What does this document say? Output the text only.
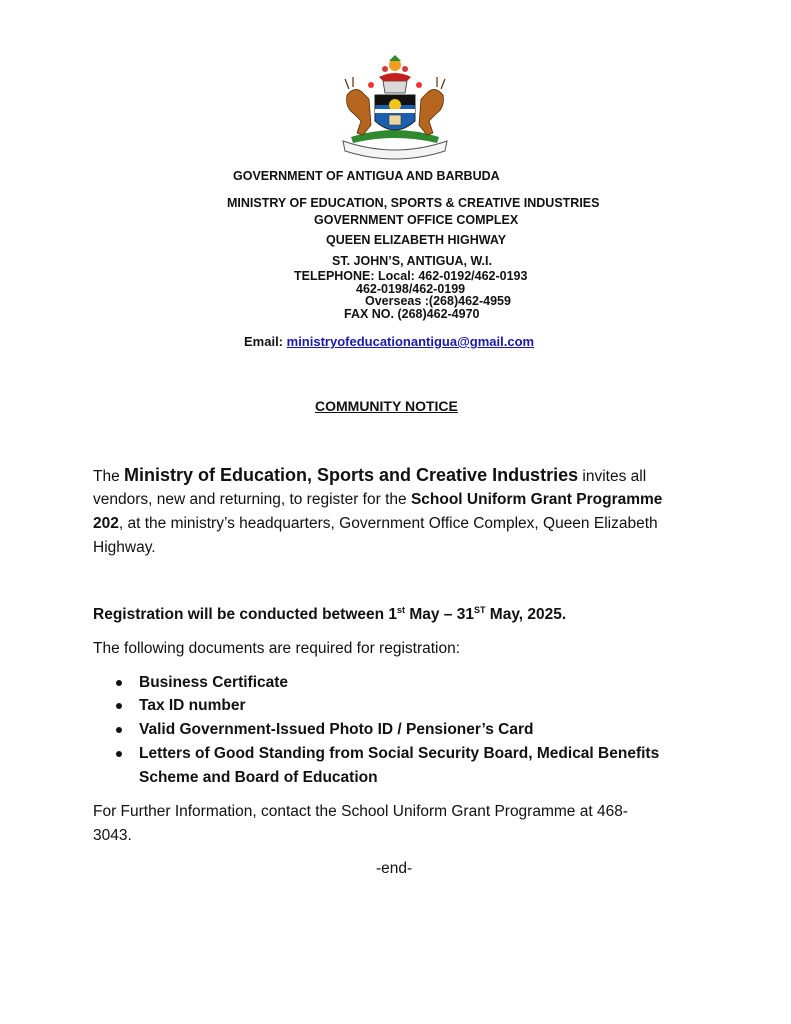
GOVERNMENT OF ANTIGUA AND BARBUDA
MINISTRY OF EDUCATION, SPORTS & CREATIVE INDUSTRIES
GOVERNMENT OFFICE COMPLEX
QUEEN ELIZABETH HIGHWAY
ST. JOHN’S, ANTIGUA, W.I.
TELEPHONE: Local: 462-0192/462-0193
462-0198/462-0199
Overseas :(268)462-4959
FAX NO. (268)462-4970
Email: ministryofeducationantigua@gmail.com
COMMUNITY NOTICE
The Ministry of Education, Sports and Creative Industries invites all
vendors, new and returning, to register for the School Uniform Grant Programme
202, at the ministry’s headquarters, Government Office Complex, Queen Elizabeth
Highway.
Registration will be conducted between 1st May – 31ST May, 2025.
The following documents are required for registration:
Business Certificate
Tax ID number
Valid Government-Issued Photo ID / Pensioner’s Card
Letters of Good Standing from Social Security Board, Medical Benefits
Scheme and Board of Education
For Further Information, contact the School Uniform Grant Programme at 468-
3043.
-end-
